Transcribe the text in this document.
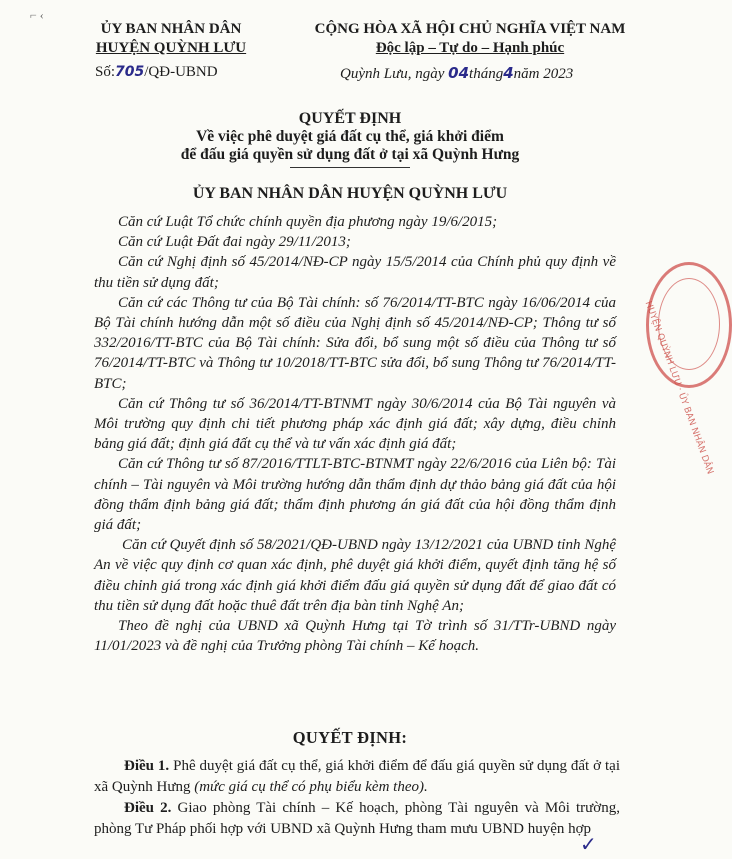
⌐ ‹
ỦY BAN NHÂN DÂN
HUYỆN QUỲNH LƯU
CỘNG HÒA XÃ HỘI CHỦ NGHĨA VIỆT NAM
Độc lập – Tự do – Hạnh phúc
Số:705/QĐ-UBND	Quỳnh Lưu, ngày 04tháng4năm 2023
QUYẾT ĐỊNH
Về việc phê duyệt giá đất cụ thể, giá khởi điểm
để đấu giá quyền sử dụng đất ở tại xã Quỳnh Hưng
ỦY BAN NHÂN DÂN HUYỆN QUỲNH LƯU

Căn cứ Luật Tổ chức chính quyền địa phương ngày 19/6/2015;

Căn cứ Luật Đất đai ngày 29/11/2013;

Căn cứ Nghị định số 45/2014/NĐ-CP ngày 15/5/2014 của Chính phủ quy định về thu tiền sử dụng đất;

Căn cứ các Thông tư của Bộ Tài chính: số 76/2014/TT-BTC ngày 16/06/2014 của Bộ Tài chính hướng dẫn một số điều của Nghị định số 45/2014/NĐ-CP; Thông tư số 332/2016/TT-BTC của Bộ Tài chính: Sửa đổi, bổ sung một số điều của Thông tư số 76/2014/TT-BTC và Thông tư 10/2018/TT-BTC sửa đổi, bổ sung Thông tư 76/2014/TT-BTC;

Căn cứ Thông tư số 36/2014/TT-BTNMT ngày 30/6/2014 của Bộ Tài nguyên và Môi trường quy định chi tiết phương pháp xác định giá đất; xây dựng, điều chỉnh bảng giá đất; định giá đất cụ thể và tư vấn xác định giá đất;

Căn cứ Thông tư số 87/2016/TTLT-BTC-BTNMT ngày 22/6/2016 của Liên bộ: Tài chính – Tài nguyên và Môi trường hướng dẫn thẩm định dự thảo bảng giá đất của hội đồng thẩm định bảng giá đất; thẩm định phương án giá đất của hội đồng thẩm định giá đất;

Căn cứ Quyết định số 58/2021/QĐ-UBND ngày 13/12/2021 của UBND tỉnh Nghệ An về việc quy định cơ quan xác định, phê duyệt giá khởi điểm, quyết định tăng hệ số điều chỉnh giá trong xác định giá khởi điểm đấu giá quyền sử dụng đất để giao đất có thu tiền sử dụng đất hoặc thuê đất trên địa bàn tỉnh Nghệ An;

Theo đề nghị của UBND xã Quỳnh Hưng tại Tờ trình số 31/TTr-UBND ngày 11/01/2023 và đề nghị của Trưởng phòng Tài chính – Kế hoạch.

QUYẾT ĐỊNH:

Điều 1. Phê duyệt giá đất cụ thể, giá khởi điểm để đấu giá quyền sử dụng đất ở tại xã Quỳnh Hưng (mức giá cụ thể có phụ biểu kèm theo).

Điều 2. Giao phòng Tài chính – Kế hoạch, phòng Tài nguyên và Môi trường, phòng Tư Pháp phối hợp với UBND xã Quỳnh Hưng tham mưu UBND huyện hợp

✓
HUYỆN QUỲNH LƯU · ỦY BAN NHÂN DÂN
